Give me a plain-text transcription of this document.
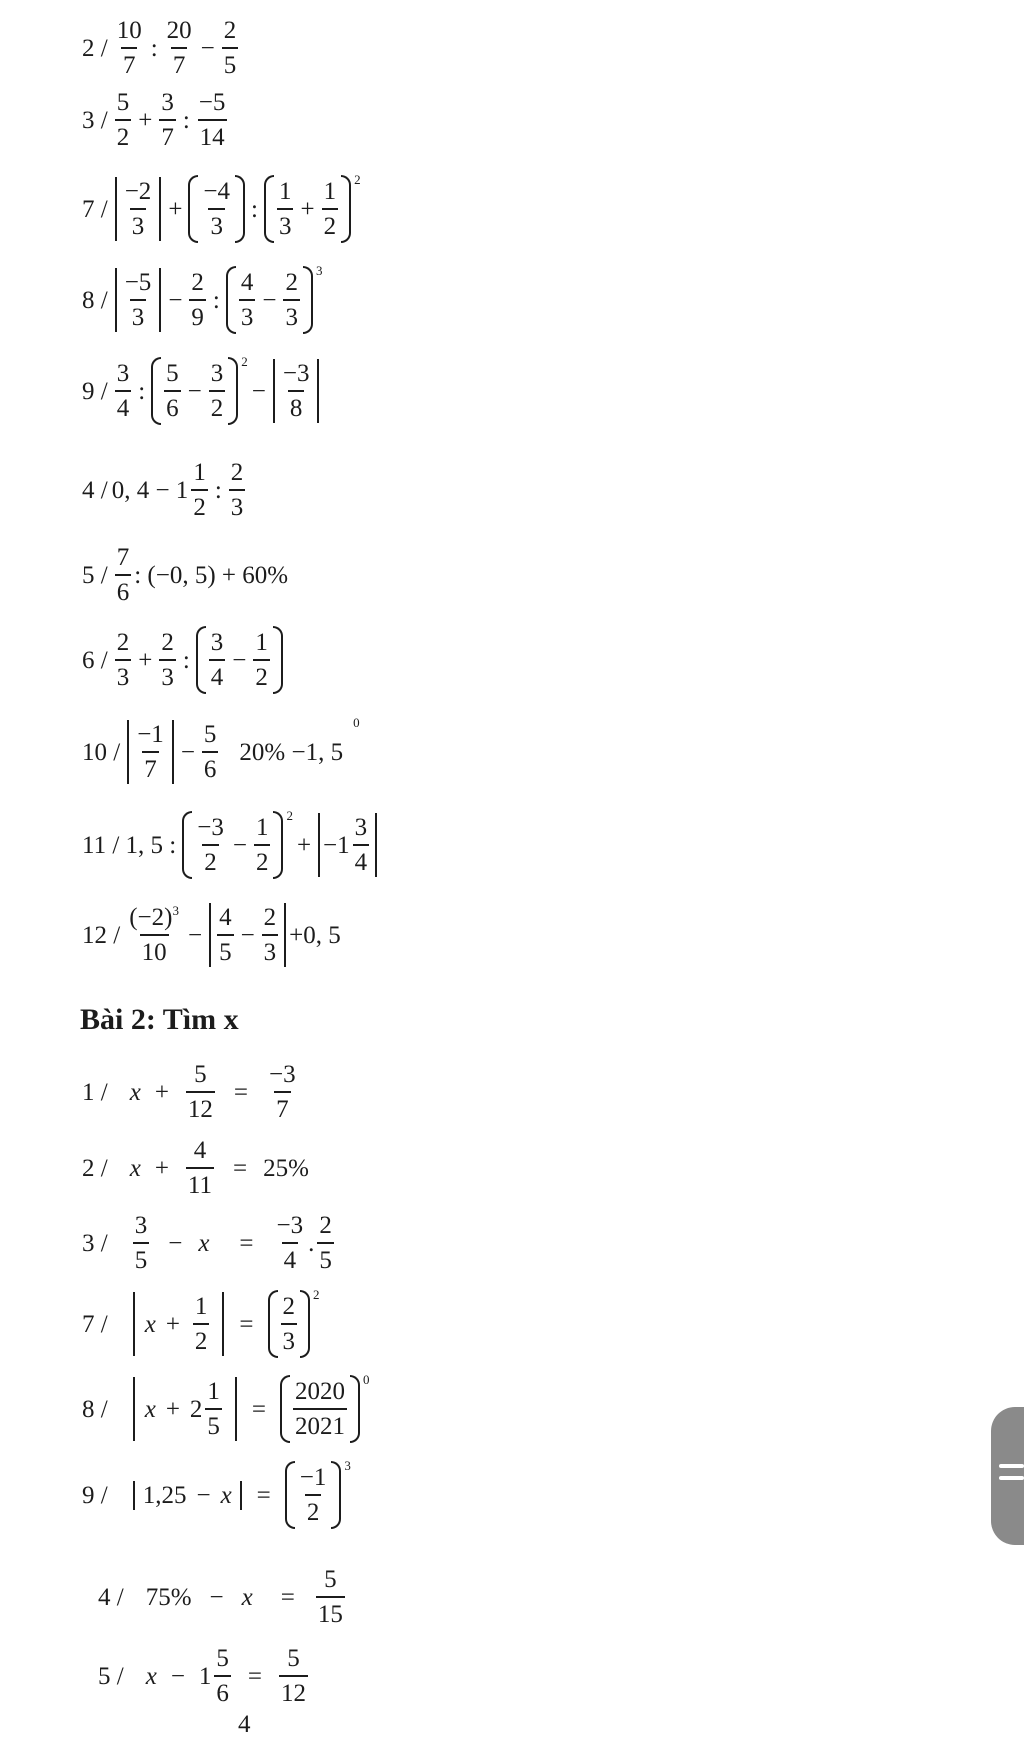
$2 / \frac{10}{7}$ : $\frac{20}{7} - \frac{2}{5}$
$3 / \frac{5}{2} + \frac{3}{7}$ : $\frac{-5}{14}$
$7 / \frac{-2}{3} + \frac{-4}{3}$ : $\frac{1}{3} + \frac{1}{2} 2$
$8 / \frac{-5}{3} - \frac{2}{9}$ : $\frac{4}{3} - \frac{2}{3} 3$
$9 / \frac{3}{4}$ : $\frac{5}{6} - \frac{3}{2} 2$
− $\frac{-3}{8}$
4 / 0, $4 - 1 \frac{1}{2}$ : $\frac{2}{3}$
$5 / \frac{7}{6}$ : (−0, 5) + 60%
$6 / \frac{2}{3} + \frac{2}{3}$ : $\frac{3}{4} - \frac{1}{2}$
$10 / \frac{-1}{7} - \frac{5}{6} 20\% -1$, 5
0
11 / 1, 5 : $\frac{-3}{2} - \frac{1}{2} 2$
+ $-1 \frac{3}{4}$
$12 / \frac{(-2)^3}{10} - \frac{4}{5} - \frac{2}{3} +0$, 5
Bài 2: Tìm x
$1 / x + \frac{5}{12} = \frac{-3}{7}$
$2 / x + \frac{4}{11} = 25\%$
$3 / \frac{3}{5} - x = \frac{-3}{4}$ . $\frac{2}{5}$
$7 / x + \frac{1}{2} = \frac{2}{3} 2$
$8 / x + 2 \frac{1}{5} = \frac{2020}{2021} 0$
$9 / 1,25 - x = \frac{-1}{2} 3$
$4 / 75\% - x = \frac{5}{15}$
$5 / x - 1 \frac{5}{6} = \frac{5}{12}$
4
